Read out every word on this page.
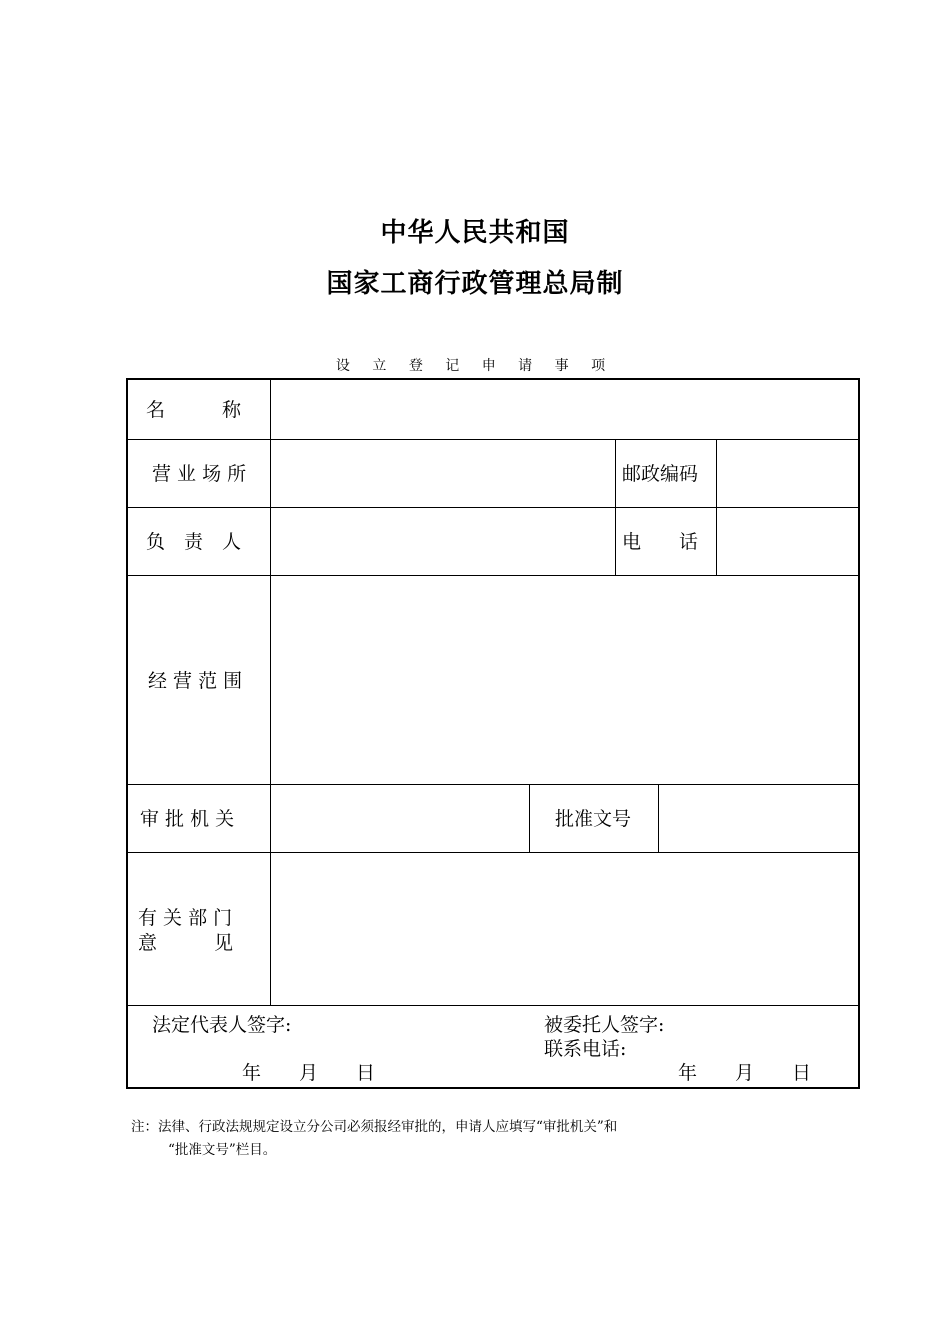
中华人民共和国
国家工商行政管理总局制
设 立 登 记 申 请 事 项
名　　　称
营 业 场 所	邮政编码
负　责　人	电　　话
经 营 范 围
审 批 机 关	批准文号
有 关 部 门
意　　　见
法定代表人签字:	被委托人签字:
联系电话:
年　　月　　日	年　　月　　日
注：法律、行政法规规定设立分公司必须报经审批的，申请人应填写“审批机关”和
“批准文号”栏目。
